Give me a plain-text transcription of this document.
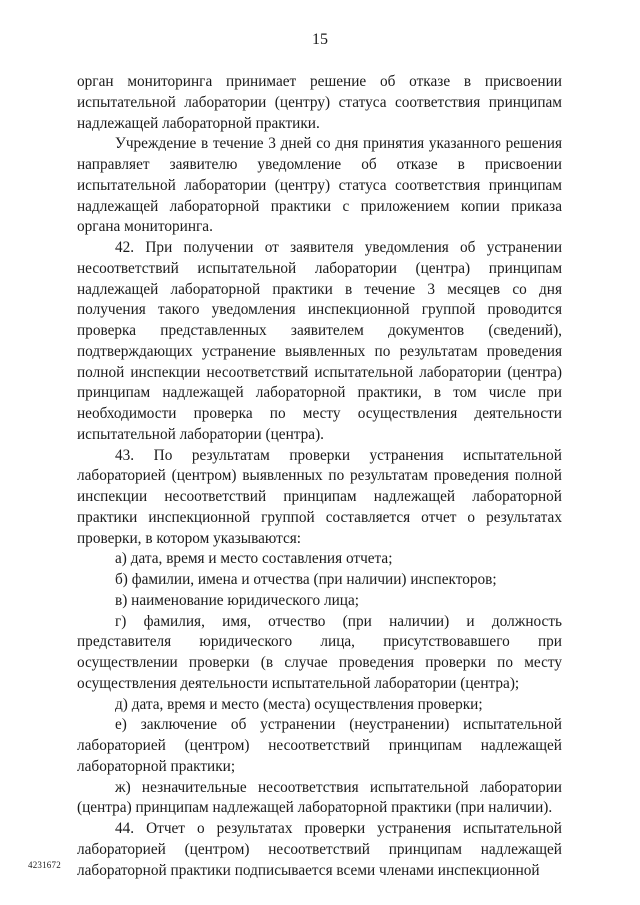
15

орган мониторинга принимает решение об отказе в присвоении испытательной лаборатории (центру) статуса соответствия принципам надлежащей лабораторной практики.

Учреждение в течение 3 дней со дня принятия указанного решения направляет заявителю уведомление об отказе в присвоении испытательной лаборатории (центру) статуса соответствия принципам надлежащей лабораторной практики с приложением копии приказа органа мониторинга.

42. При получении от заявителя уведомления об устранении несоответствий испытательной лаборатории (центра) принципам надлежащей лабораторной практики в течение 3 месяцев со дня получения такого уведомления инспекционной группой проводится проверка представленных заявителем документов (сведений), подтверждающих устранение выявленных по результатам проведения полной инспекции несоответствий испытательной лаборатории (центра) принципам надлежащей лабораторной практики, в том числе при необходимости проверка по месту осуществления деятельности испытательной лаборатории (центра).

43. По результатам проверки устранения испытательной лабораторией (центром) выявленных по результатам проведения полной инспекции несоответствий принципам надлежащей лабораторной практики инспекционной группой составляется отчет о результатах проверки, в котором указываются:

а) дата, время и место составления отчета;

б) фамилии, имена и отчества (при наличии) инспекторов;

в) наименование юридического лица;

г) фамилия, имя, отчество (при наличии) и должность представителя юридического лица, присутствовавшего при осуществлении проверки (в случае проведения проверки по месту осуществления деятельности испытательной лаборатории (центра);

д) дата, время и место (места) осуществления проверки;

е) заключение об устранении (неустранении) испытательной лабораторией (центром) несоответствий принципам надлежащей лабораторной практики;

ж) незначительные несоответствия испытательной лаборатории (центра) принципам надлежащей лабораторной практики (при наличии).

44. Отчет о результатах проверки устранения испытательной лабораторией (центром) несоответствий принципам надлежащей лабораторной практики подписывается всеми членами инспекционной

4231672
